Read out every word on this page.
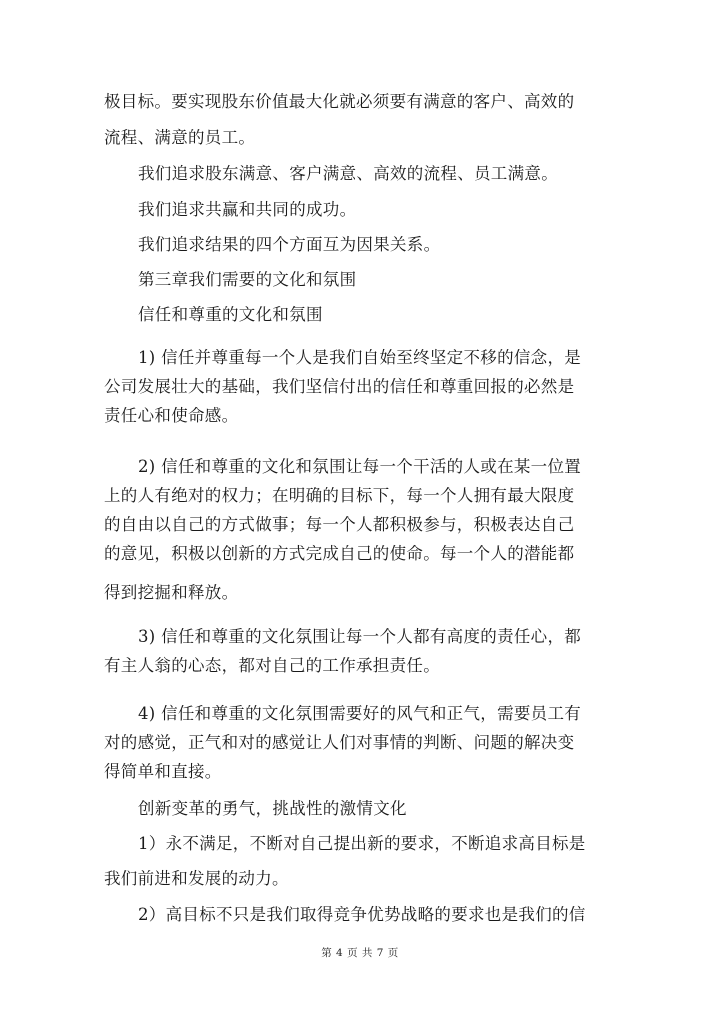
极目标。要实现股东价值最大化就必须要有满意的客户、高效的
流程、满意的员工。
我们追求股东满意、客户满意、高效的流程、员工满意。
我们追求共赢和共同的成功。
我们追求结果的四个方面互为因果关系。
第三章我们需要的文化和氛围
信任和尊重的文化和氛围
1) 信任并尊重每一个人是我们自始至终坚定不移的信念，是
公司发展壮大的基础，我们坚信付出的信任和尊重回报的必然是
责任心和使命感。
2) 信任和尊重的文化和氛围让每一个干活的人或在某一位置
上的人有绝对的权力；在明确的目标下，每一个人拥有最大限度
的自由以自己的方式做事；每一个人都积极参与，积极表达自己
的意见，积极以创新的方式完成自己的使命。每一个人的潜能都
得到挖掘和释放。
3) 信任和尊重的文化氛围让每一个人都有高度的责任心，都
有主人翁的心态，都对自己的工作承担责任。
4) 信任和尊重的文化氛围需要好的风气和正气，需要员工有
对的感觉，正气和对的感觉让人们对事情的判断、问题的解决变
得简单和直接。
创新变革的勇气，挑战性的激情文化
1）永不满足，不断对自己提出新的要求，不断追求高目标是
我们前进和发展的动力。
2）高目标不只是我们取得竞争优势战略的要求也是我们的信
第 4 页 共 7 页
